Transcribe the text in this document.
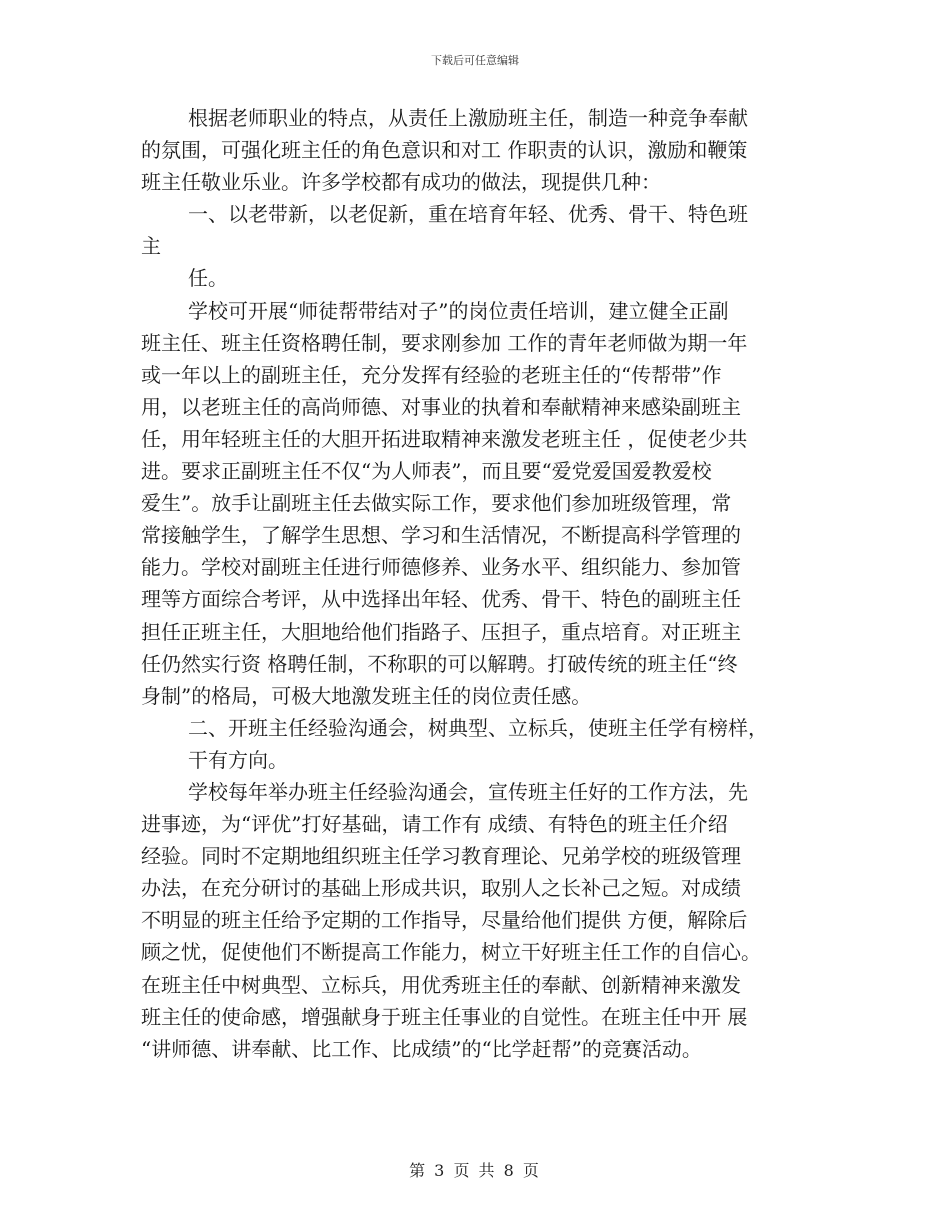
下载后可任意编辑
根据老师职业的特点，从责任上激励班主任，制造一种竞争奉献
的氛围，可强化班主任的角色意识和对工 作职责的认识，激励和鞭策
班主任敬业乐业。许多学校都有成功的做法，现提供几种：
一、以老带新，以老促新，重在培育年轻、优秀、骨干、特色班
主
任。
学校可开展“师徒帮带结对子”的岗位责任培训，建立健全正副
班主任、班主任资格聘任制，要求刚参加 工作的青年老师做为期一年
或一年以上的副班主任，充分发挥有经验的老班主任的“传帮带”作
用，以老班主任的高尚师德、对事业的执着和奉献精神来感染副班主
任，用年轻班主任的大胆开拓进取精神来激发老班主任 ，促使老少共
进。要求正副班主任不仅“为人师表”，而且要“爱党爱国爱教爱校
爱生”。放手让副班主任去做实际工作，要求他们参加班级管理，常
常接触学生，了解学生思想、学习和生活情况，不断提高科学管理的
能力。学校对副班主任进行师德修养、业务水平、组织能力、参加管
理等方面综合考评，从中选择出年轻、优秀、骨干、特色的副班主任
担任正班主任，大胆地给他们指路子、压担子，重点培育。对正班主
任仍然实行资 格聘任制，不称职的可以解聘。打破传统的班主任“终
身制”的格局，可极大地激发班主任的岗位责任感。
二、开班主任经验沟通会，树典型、立标兵，使班主任学有榜样，
干有方向。
学校每年举办班主任经验沟通会，宣传班主任好的工作方法，先
进事迹，为“评优”打好基础，请工作有 成绩、有特色的班主任介绍
经验。同时不定期地组织班主任学习教育理论、兄弟学校的班级管理
办法，在充分研讨的基础上形成共识，取别人之长补己之短。对成绩
不明显的班主任给予定期的工作指导，尽量给他们提供 方便，解除后
顾之忧，促使他们不断提高工作能力，树立干好班主任工作的自信心。
在班主任中树典型、立标兵，用优秀班主任的奉献、创新精神来激发
班主任的使命感，增强献身于班主任事业的自觉性。在班主任中开 展
“讲师德、讲奉献、比工作、比成绩”的“比学赶帮”的竞赛活动。
第 3 页 共 8 页
